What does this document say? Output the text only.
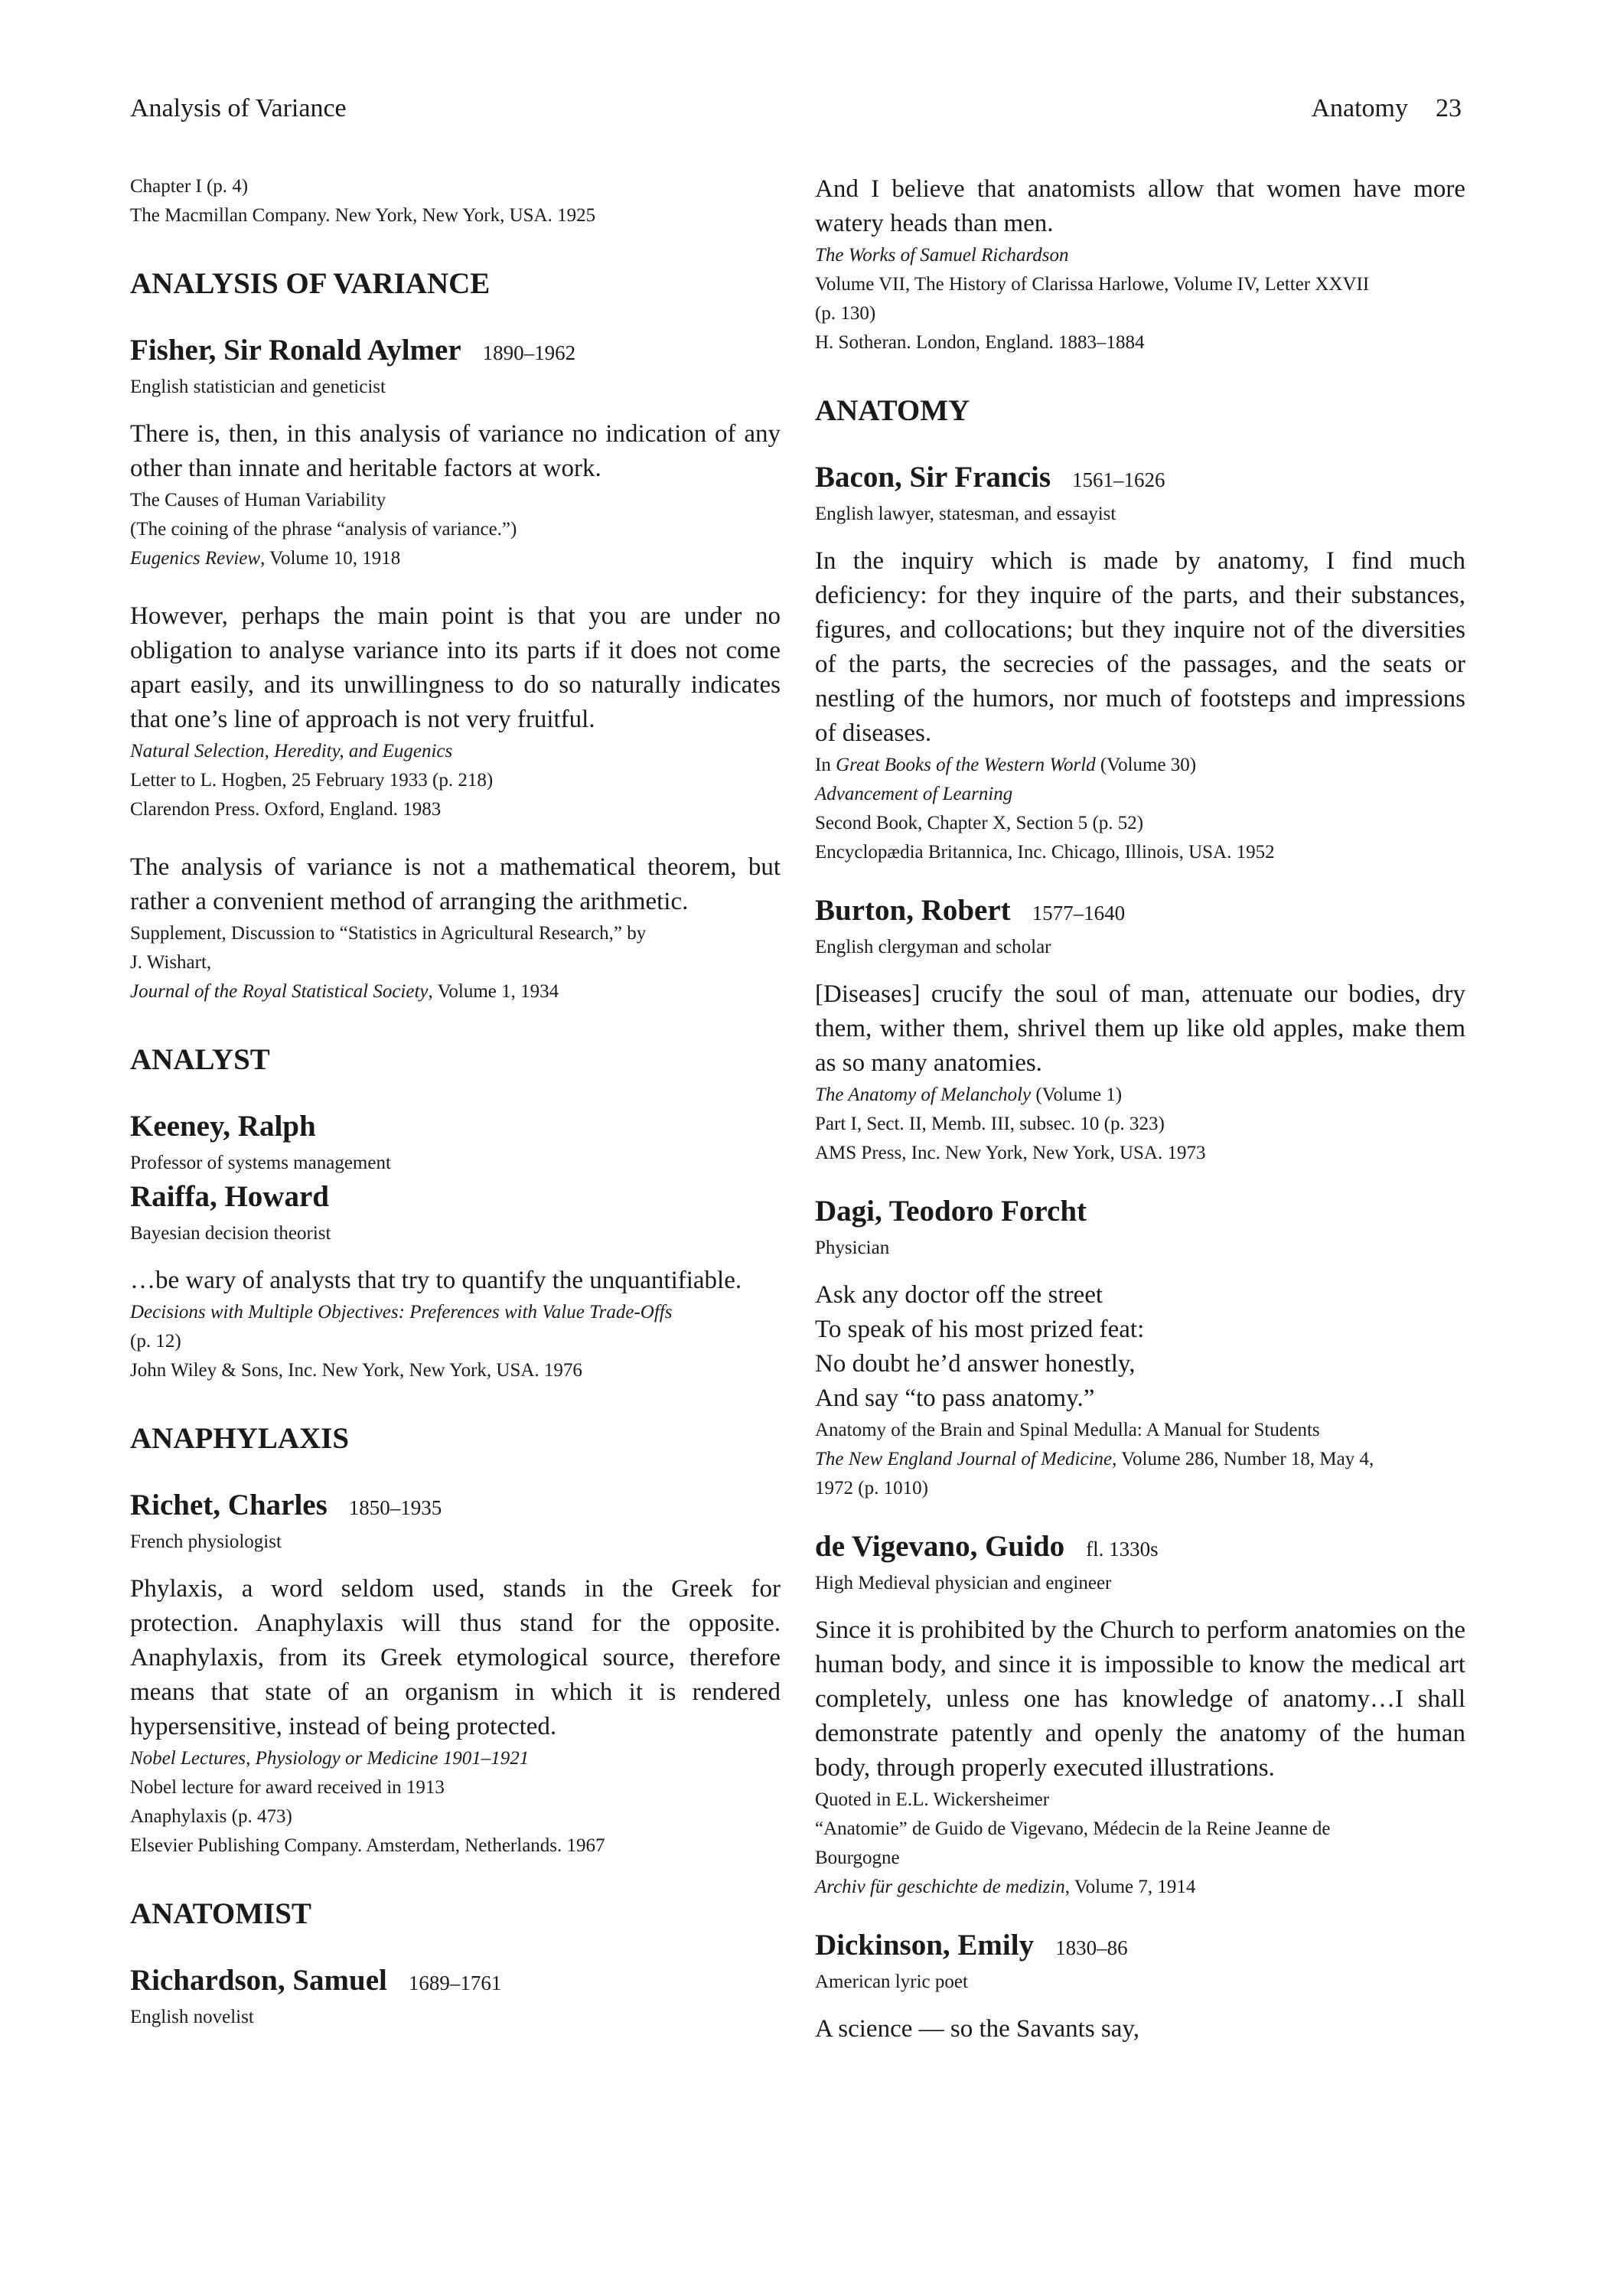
Analysis of Variance	Anatomy 23
Chapter I (p. 4)
The Macmillan Company. New York, New York, USA. 1925
ANALYSIS OF VARIANCE
Fisher, Sir Ronald Aylmer 1890–1962
English statistician and geneticist

There is, then, in this analysis of variance no indication of any other than innate and heritable factors at work.

The Causes of Human Variability
(The coining of the phrase “analysis of variance.”)
Eugenics Review, Volume 10, 1918

However, perhaps the main point is that you are under no obligation to analyse variance into its parts if it does not come apart easily, and its unwillingness to do so naturally indicates that one’s line of approach is not very fruitful.

Natural Selection, Heredity, and Eugenics
Letter to L. Hogben, 25 February 1933 (p. 218)
Clarendon Press. Oxford, England. 1983

The analysis of variance is not a mathematical theorem, but rather a convenient method of arranging the arithmetic.

Supplement, Discussion to “Statistics in Agricultural Research,” by
J. Wishart,
Journal of the Royal Statistical Society, Volume 1, 1934
ANALYST
Keeney, Ralph
Professor of systems management
Raiffa, Howard
Bayesian decision theorist

…be wary of analysts that try to quantify the unquantifiable.

Decisions with Multiple Objectives: Preferences with Value Trade-Offs
(p. 12)
John Wiley & Sons, Inc. New York, New York, USA. 1976
ANAPHYLAXIS
Richet, Charles 1850–1935
French physiologist

Phylaxis, a word seldom used, stands in the Greek for protection. Anaphylaxis will thus stand for the opposite. Anaphylaxis, from its Greek etymological source, therefore means that state of an organism in which it is rendered hypersensitive, instead of being protected.

Nobel Lectures, Physiology or Medicine 1901–1921
Nobel lecture for award received in 1913
Anaphylaxis (p. 473)
Elsevier Publishing Company. Amsterdam, Netherlands. 1967
ANATOMIST
Richardson, Samuel 1689–1761
English novelist

And I believe that anatomists allow that women have more watery heads than men.

The Works of Samuel Richardson
Volume VII, The History of Clarissa Harlowe, Volume IV, Letter XXVII
(p. 130)
H. Sotheran. London, England. 1883–1884
ANATOMY
Bacon, Sir Francis 1561–1626
English lawyer, statesman, and essayist

In the inquiry which is made by anatomy, I find much deficiency: for they inquire of the parts, and their substances, figures, and collocations; but they inquire not of the diversities of the parts, the secrecies of the passages, and the seats or nestling of the humors, nor much of footsteps and impressions of diseases.

In Great Books of the Western World (Volume 30)
Advancement of Learning
Second Book, Chapter X, Section 5 (p. 52)
Encyclopædia Britannica, Inc. Chicago, Illinois, USA. 1952
Burton, Robert 1577–1640
English clergyman and scholar

[Diseases] crucify the soul of man, attenuate our bodies, dry them, wither them, shrivel them up like old apples, make them as so many anatomies.

The Anatomy of Melancholy (Volume 1)
Part I, Sect. II, Memb. III, subsec. 10 (p. 323)
AMS Press, Inc. New York, New York, USA. 1973
Dagi, Teodoro Forcht
Physician

Ask any doctor off the street
To speak of his most prized feat:
No doubt he’d answer honestly,
And say “to pass anatomy.”

Anatomy of the Brain and Spinal Medulla: A Manual for Students
The New England Journal of Medicine, Volume 286, Number 18, May 4,
1972 (p. 1010)
de Vigevano, Guido fl. 1330s
High Medieval physician and engineer

Since it is prohibited by the Church to perform anatomies on the human body, and since it is impossible to know the medical art completely, unless one has knowledge of anatomy…I shall demonstrate patently and openly the anatomy of the human body, through properly executed illustrations.

Quoted in E.L. Wickersheimer
“Anatomie” de Guido de Vigevano, Médecin de la Reine Jeanne de
Bourgogne
Archiv für geschichte de medizin, Volume 7, 1914
Dickinson, Emily 1830–86
American lyric poet

A science — so the Savants say,
